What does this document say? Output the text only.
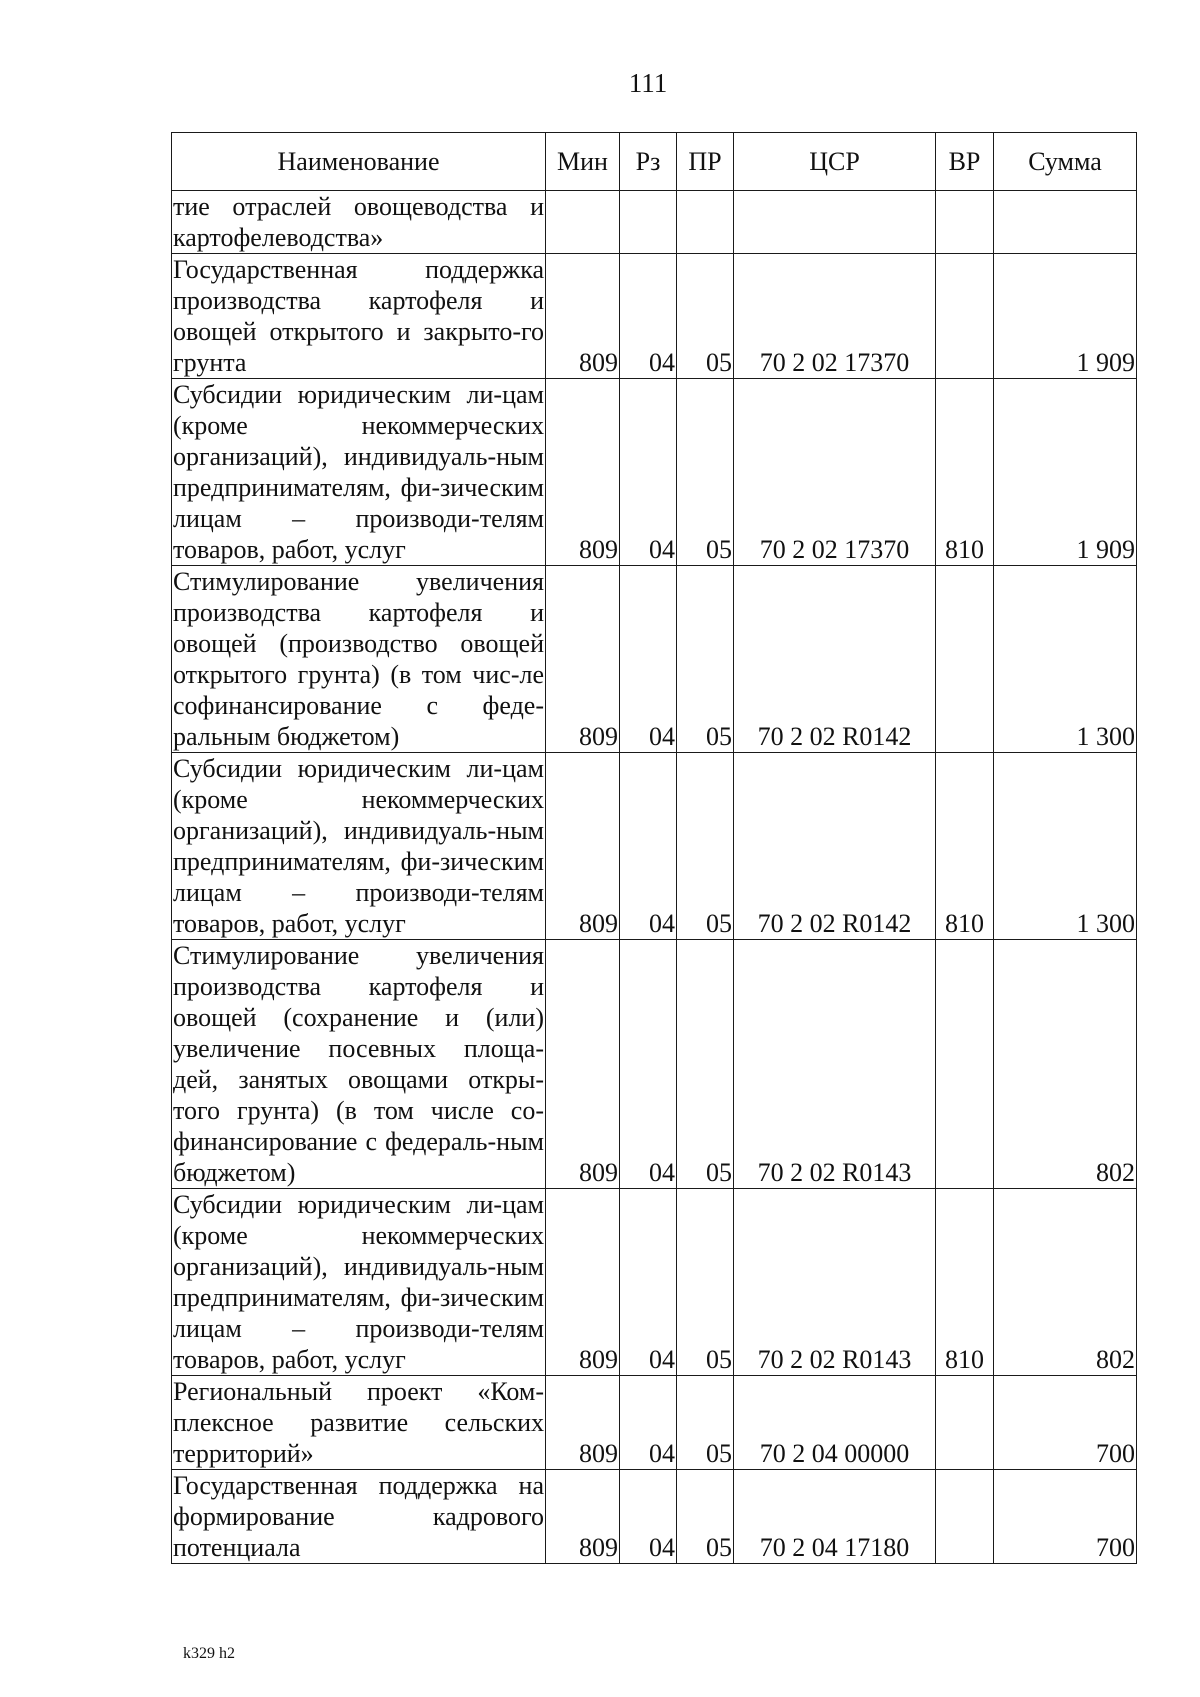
111
Наименование	Мин	Рз	ПР	ЦСР	ВР	Сумма
тие отраслей овощеводства и картофелеводства»						
Государственная поддержка производства картофеля и овощей открытого и закрыто-го грунта	809	04	05	70 2 02 17370		1 909
Субсидии юридическим ли-цам (кроме некоммерческих организаций), индивидуаль-ным предпринимателям, фи-зическим лицам – производи-телям товаров, работ, услуг	809	04	05	70 2 02 17370	810	1 909
Стимулирование увеличения производства картофеля и овощей (производство овощей открытого грунта) (в том чис-ле софинансирование с феде-ральным бюджетом)	809	04	05	70 2 02 R0142		1 300
Субсидии юридическим ли-цам (кроме некоммерческих организаций), индивидуаль-ным предпринимателям, фи-зическим лицам – производи-телям товаров, работ, услуг	809	04	05	70 2 02 R0142	810	1 300
Стимулирование увеличения производства картофеля и овощей (сохранение и (или) увеличение посевных площа-дей, занятых овощами откры-того грунта) (в том числе со-финансирование с федераль-ным бюджетом)	809	04	05	70 2 02 R0143		802
Субсидии юридическим ли-цам (кроме некоммерческих организаций), индивидуаль-ным предпринимателям, фи-зическим лицам – производи-телям товаров, работ, услуг	809	04	05	70 2 02 R0143	810	802
Региональный проект «Ком-плексное развитие сельских территорий»	809	04	05	70 2 04 00000		700
Государственная поддержка на формирование кадрового потенциала	809	04	05	70 2 04 17180		700
k329 h2
